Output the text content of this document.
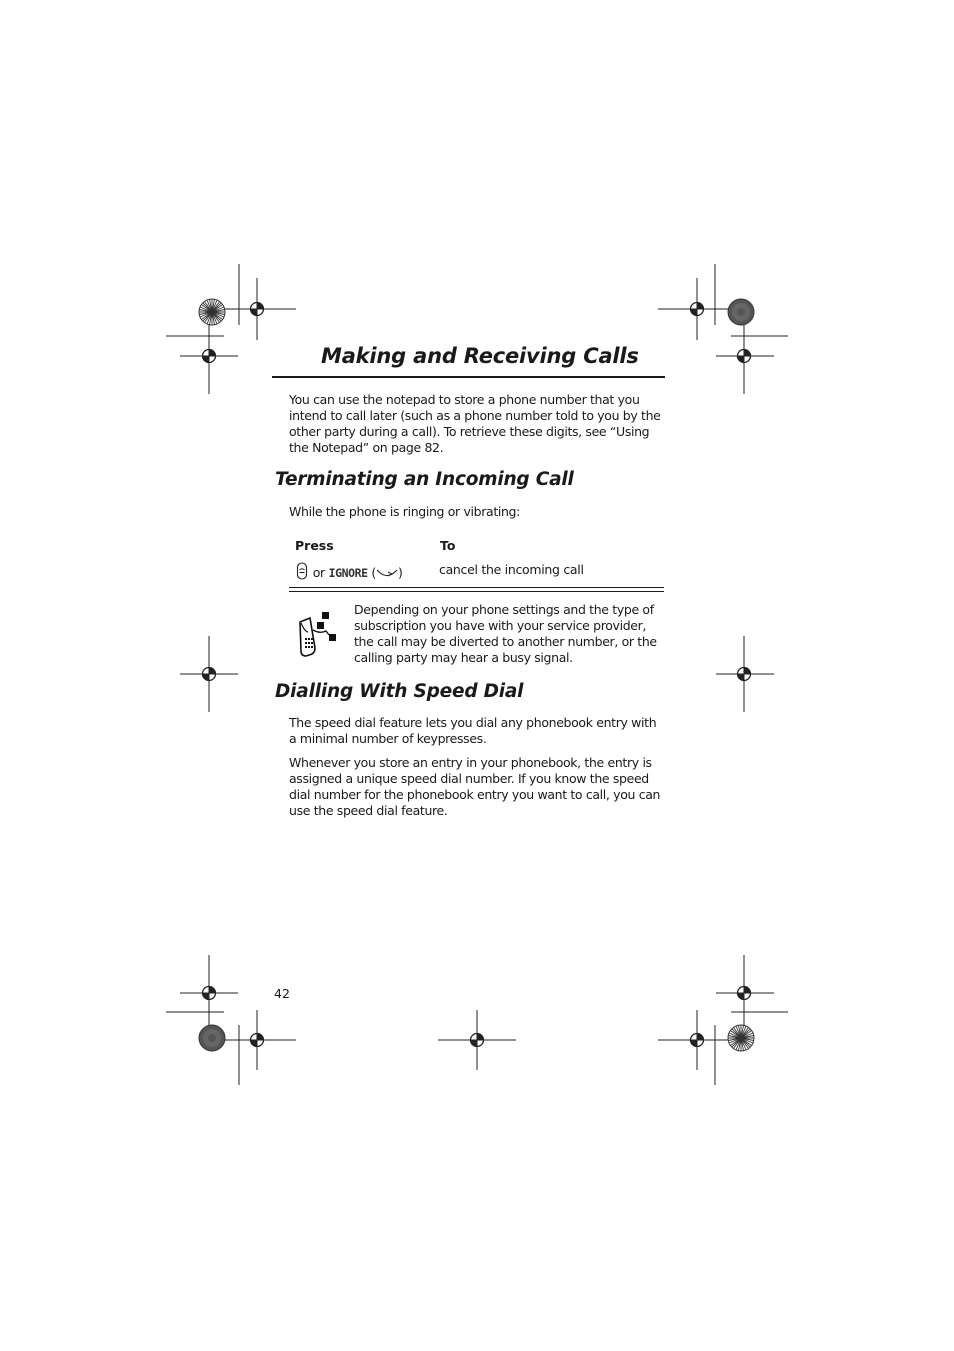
Making and Receiving Calls

You can use the notepad to store a phone number that you intend to call later (such as a phone number told to you by the other party during a call). To retrieve these digits, see “Using the Notepad” on page 82.

Terminating an Incoming Call

While the phone is ringing or vibrating:

Press	To
or IGNORE ( )	cancel the incoming call

Depending on your phone settings and the type of subscription you have with your service provider, the call may be diverted to another number, or the calling party may hear a busy signal.

Dialling With Speed Dial

The speed dial feature lets you dial any phonebook entry with a minimal number of keypresses.

Whenever you store an entry in your phonebook, the entry is assigned a unique speed dial number. If you know the speed dial number for the phonebook entry you want to call, you can use the speed dial feature.

42
